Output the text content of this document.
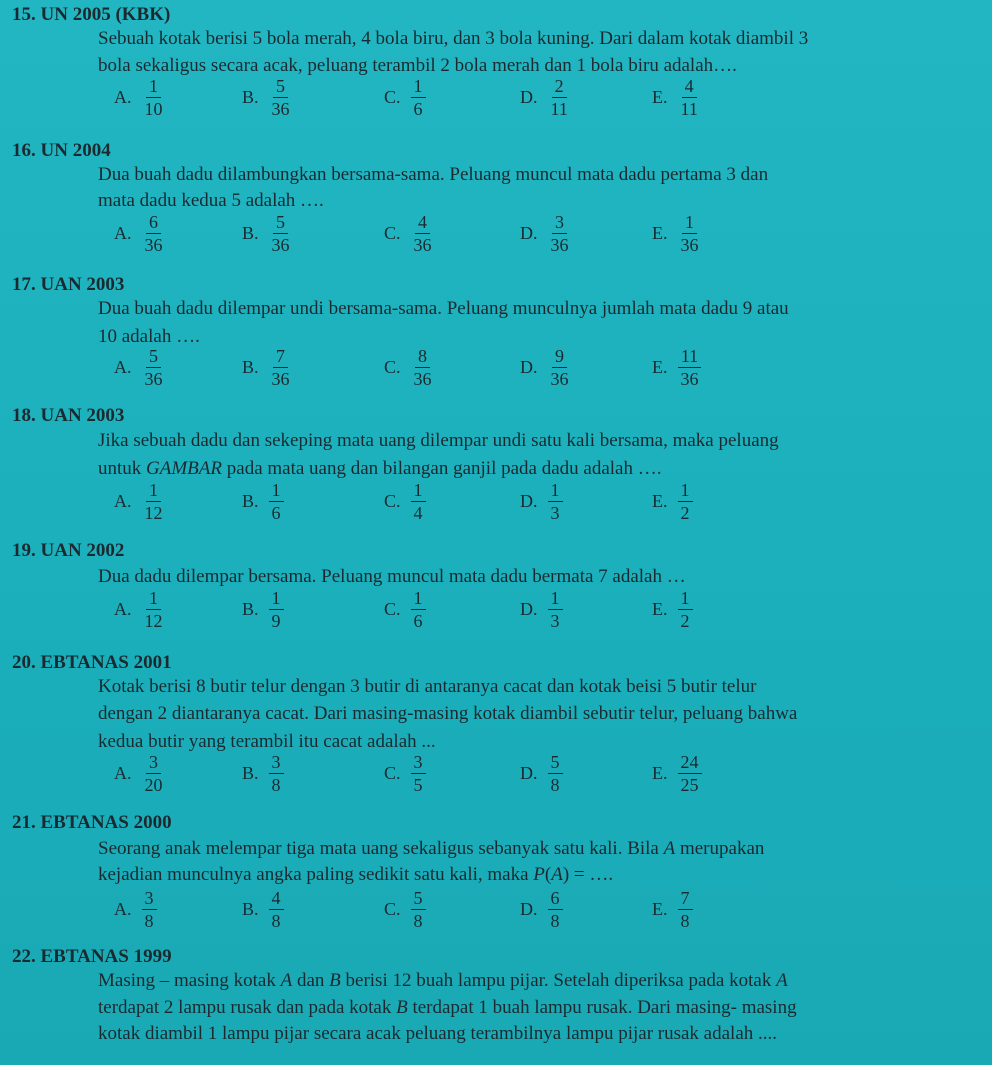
15. UN 2005 (KBK)
Sebuah kotak berisi 5 bola merah, 4 bola biru, dan 3 bola kuning. Dari dalam kotak diambil 3
bola sekaligus secara acak, peluang terambil 2 bola merah dan 1 bola biru adalah….
A. $\frac{1}{10}$	B. $\frac{5}{36}$	C. $\frac{1}{6}$	D. $\frac{2}{11}$	E. $\frac{4}{11}$
16. UN 2004
Dua buah dadu dilambungkan bersama-sama. Peluang muncul mata dadu pertama 3 dan
mata dadu kedua 5 adalah ….
A. $\frac{6}{36}$	B. $\frac{5}{36}$	C. $\frac{4}{36}$	D. $\frac{3}{36}$	E. $\frac{1}{36}$
17. UAN 2003
Dua buah dadu dilempar undi bersama-sama. Peluang munculnya jumlah mata dadu 9 atau
10 adalah ….
A. $\frac{5}{36}$	B. $\frac{7}{36}$	C. $\frac{8}{36}$	D. $\frac{9}{36}$	E. $\frac{11}{36}$
18. UAN 2003
Jika sebuah dadu dan sekeping mata uang dilempar undi satu kali bersama, maka peluang
untuk GAMBAR pada mata uang dan bilangan ganjil pada dadu adalah ….
A. $\frac{1}{12}$	B. $\frac{1}{6}$	C. $\frac{1}{4}$	D. $\frac{1}{3}$	E. $\frac{1}{2}$
19. UAN 2002
Dua dadu dilempar bersama. Peluang muncul mata dadu bermata 7 adalah …
A. $\frac{1}{12}$	B. $\frac{1}{9}$	C. $\frac{1}{6}$	D. $\frac{1}{3}$	E. $\frac{1}{2}$
20. EBTANAS 2001
Kotak berisi 8 butir telur dengan 3 butir di antaranya cacat dan kotak beisi 5 butir telur
dengan 2 diantaranya cacat. Dari masing-masing kotak diambil sebutir telur, peluang bahwa
kedua butir yang terambil itu cacat adalah ...
A. $\frac{3}{20}$	B. $\frac{3}{8}$	C. $\frac{3}{5}$	D. $\frac{5}{8}$	E. $\frac{24}{25}$
21. EBTANAS 2000
Seorang anak melempar tiga mata uang sekaligus sebanyak satu kali. Bila A merupakan
kejadian munculnya angka paling sedikit satu kali, maka P(A) = ….
A. $\frac{3}{8}$	B. $\frac{4}{8}$	C. $\frac{5}{8}$	D. $\frac{6}{8}$	E. $\frac{7}{8}$
22. EBTANAS 1999
Masing – masing kotak A dan B berisi 12 buah lampu pijar. Setelah diperiksa pada kotak A
terdapat 2 lampu rusak dan pada kotak B terdapat 1 buah lampu rusak. Dari masing- masing
kotak diambil 1 lampu pijar secara acak peluang terambilnya lampu pijar rusak adalah ....
